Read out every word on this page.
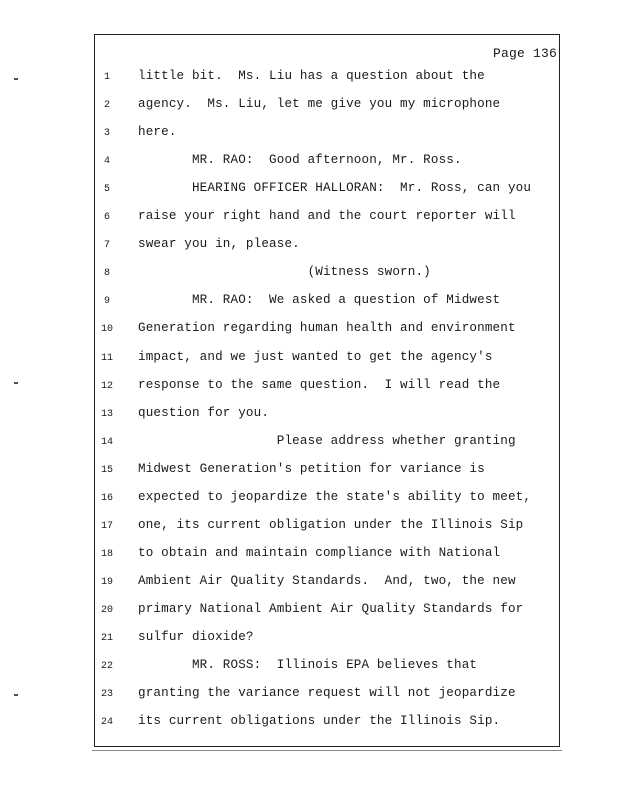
Page 136
1	little bit.  Ms. Liu has a question about the
2	agency.  Ms. Liu, let me give you my microphone
3	here.
4	MR. RAO:  Good afternoon, Mr. Ross.
5	HEARING OFFICER HALLORAN:  Mr. Ross, can you
6	raise your right hand and the court reporter will
7	swear you in, please.
8	(Witness sworn.)
9	MR. RAO:  We asked a question of Midwest
10	Generation regarding human health and environment
11	impact, and we just wanted to get the agency's
12	response to the same question.  I will read the
13	question for you.
14	Please address whether granting
15	Midwest Generation's petition for variance is
16	expected to jeopardize the state's ability to meet,
17	one, its current obligation under the Illinois Sip
18	to obtain and maintain compliance with National
19	Ambient Air Quality Standards.  And, two, the new
20	primary National Ambient Air Quality Standards for
21	sulfur dioxide?
22	MR. ROSS:  Illinois EPA believes that
23	granting the variance request will not jeopardize
24	its current obligations under the Illinois Sip.
